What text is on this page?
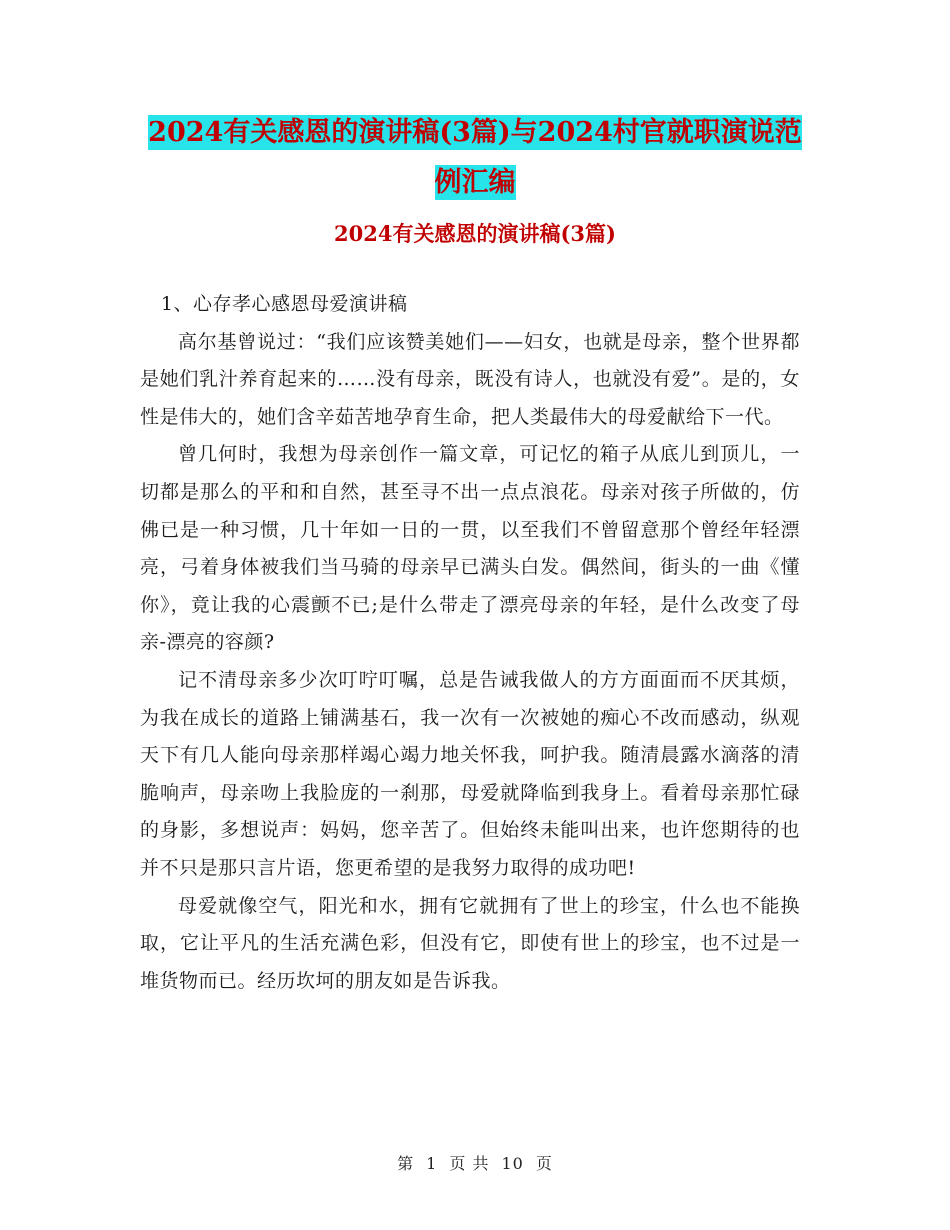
2024有关感恩的演讲稿(3篇)与2024村官就职演说范
例汇编
2024有关感恩的演讲稿(3篇)

1、心存孝心感恩母爱演讲稿

高尔基曾说过：“我们应该赞美她们——妇女，也就是母亲，整个世界都是她们乳汁养育起来的……没有母亲，既没有诗人，也就没有爱”。是的，女性是伟大的，她们含辛茹苦地孕育生命，把人类最伟大的母爱献给下一代。

曾几何时，我想为母亲创作一篇文章，可记忆的箱子从底儿到顶儿，一切都是那么的平和和自然，甚至寻不出一点点浪花。母亲对孩子所做的，仿佛已是一种习惯，几十年如一日的一贯，以至我们不曾留意那个曾经年轻漂亮，弓着身体被我们当马骑的母亲早已满头白发。偶然间，街头的一曲《懂你》，竟让我的心震颤不已;是什么带走了漂亮母亲的年轻，是什么改变了母亲-漂亮的容颜?

记不清母亲多少次叮咛叮嘱，总是告诫我做人的方方面面而不厌其烦，为我在成长的道路上铺满基石，我一次有一次被她的痴心不改而感动，纵观天下有几人能向母亲那样竭心竭力地关怀我，呵护我。随清晨露水滴落的清脆响声，母亲吻上我脸庞的一刹那，母爱就降临到我身上。看着母亲那忙碌的身影，多想说声：妈妈，您辛苦了。但始终未能叫出来，也许您期待的也并不只是那只言片语，您更希望的是我努力取得的成功吧!

母爱就像空气，阳光和水，拥有它就拥有了世上的珍宝，什么也不能换取，它让平凡的生活充满色彩，但没有它，即使有世上的珍宝，也不过是一堆货物而已。经历坎坷的朋友如是告诉我。

第 1 页 共 10 页
